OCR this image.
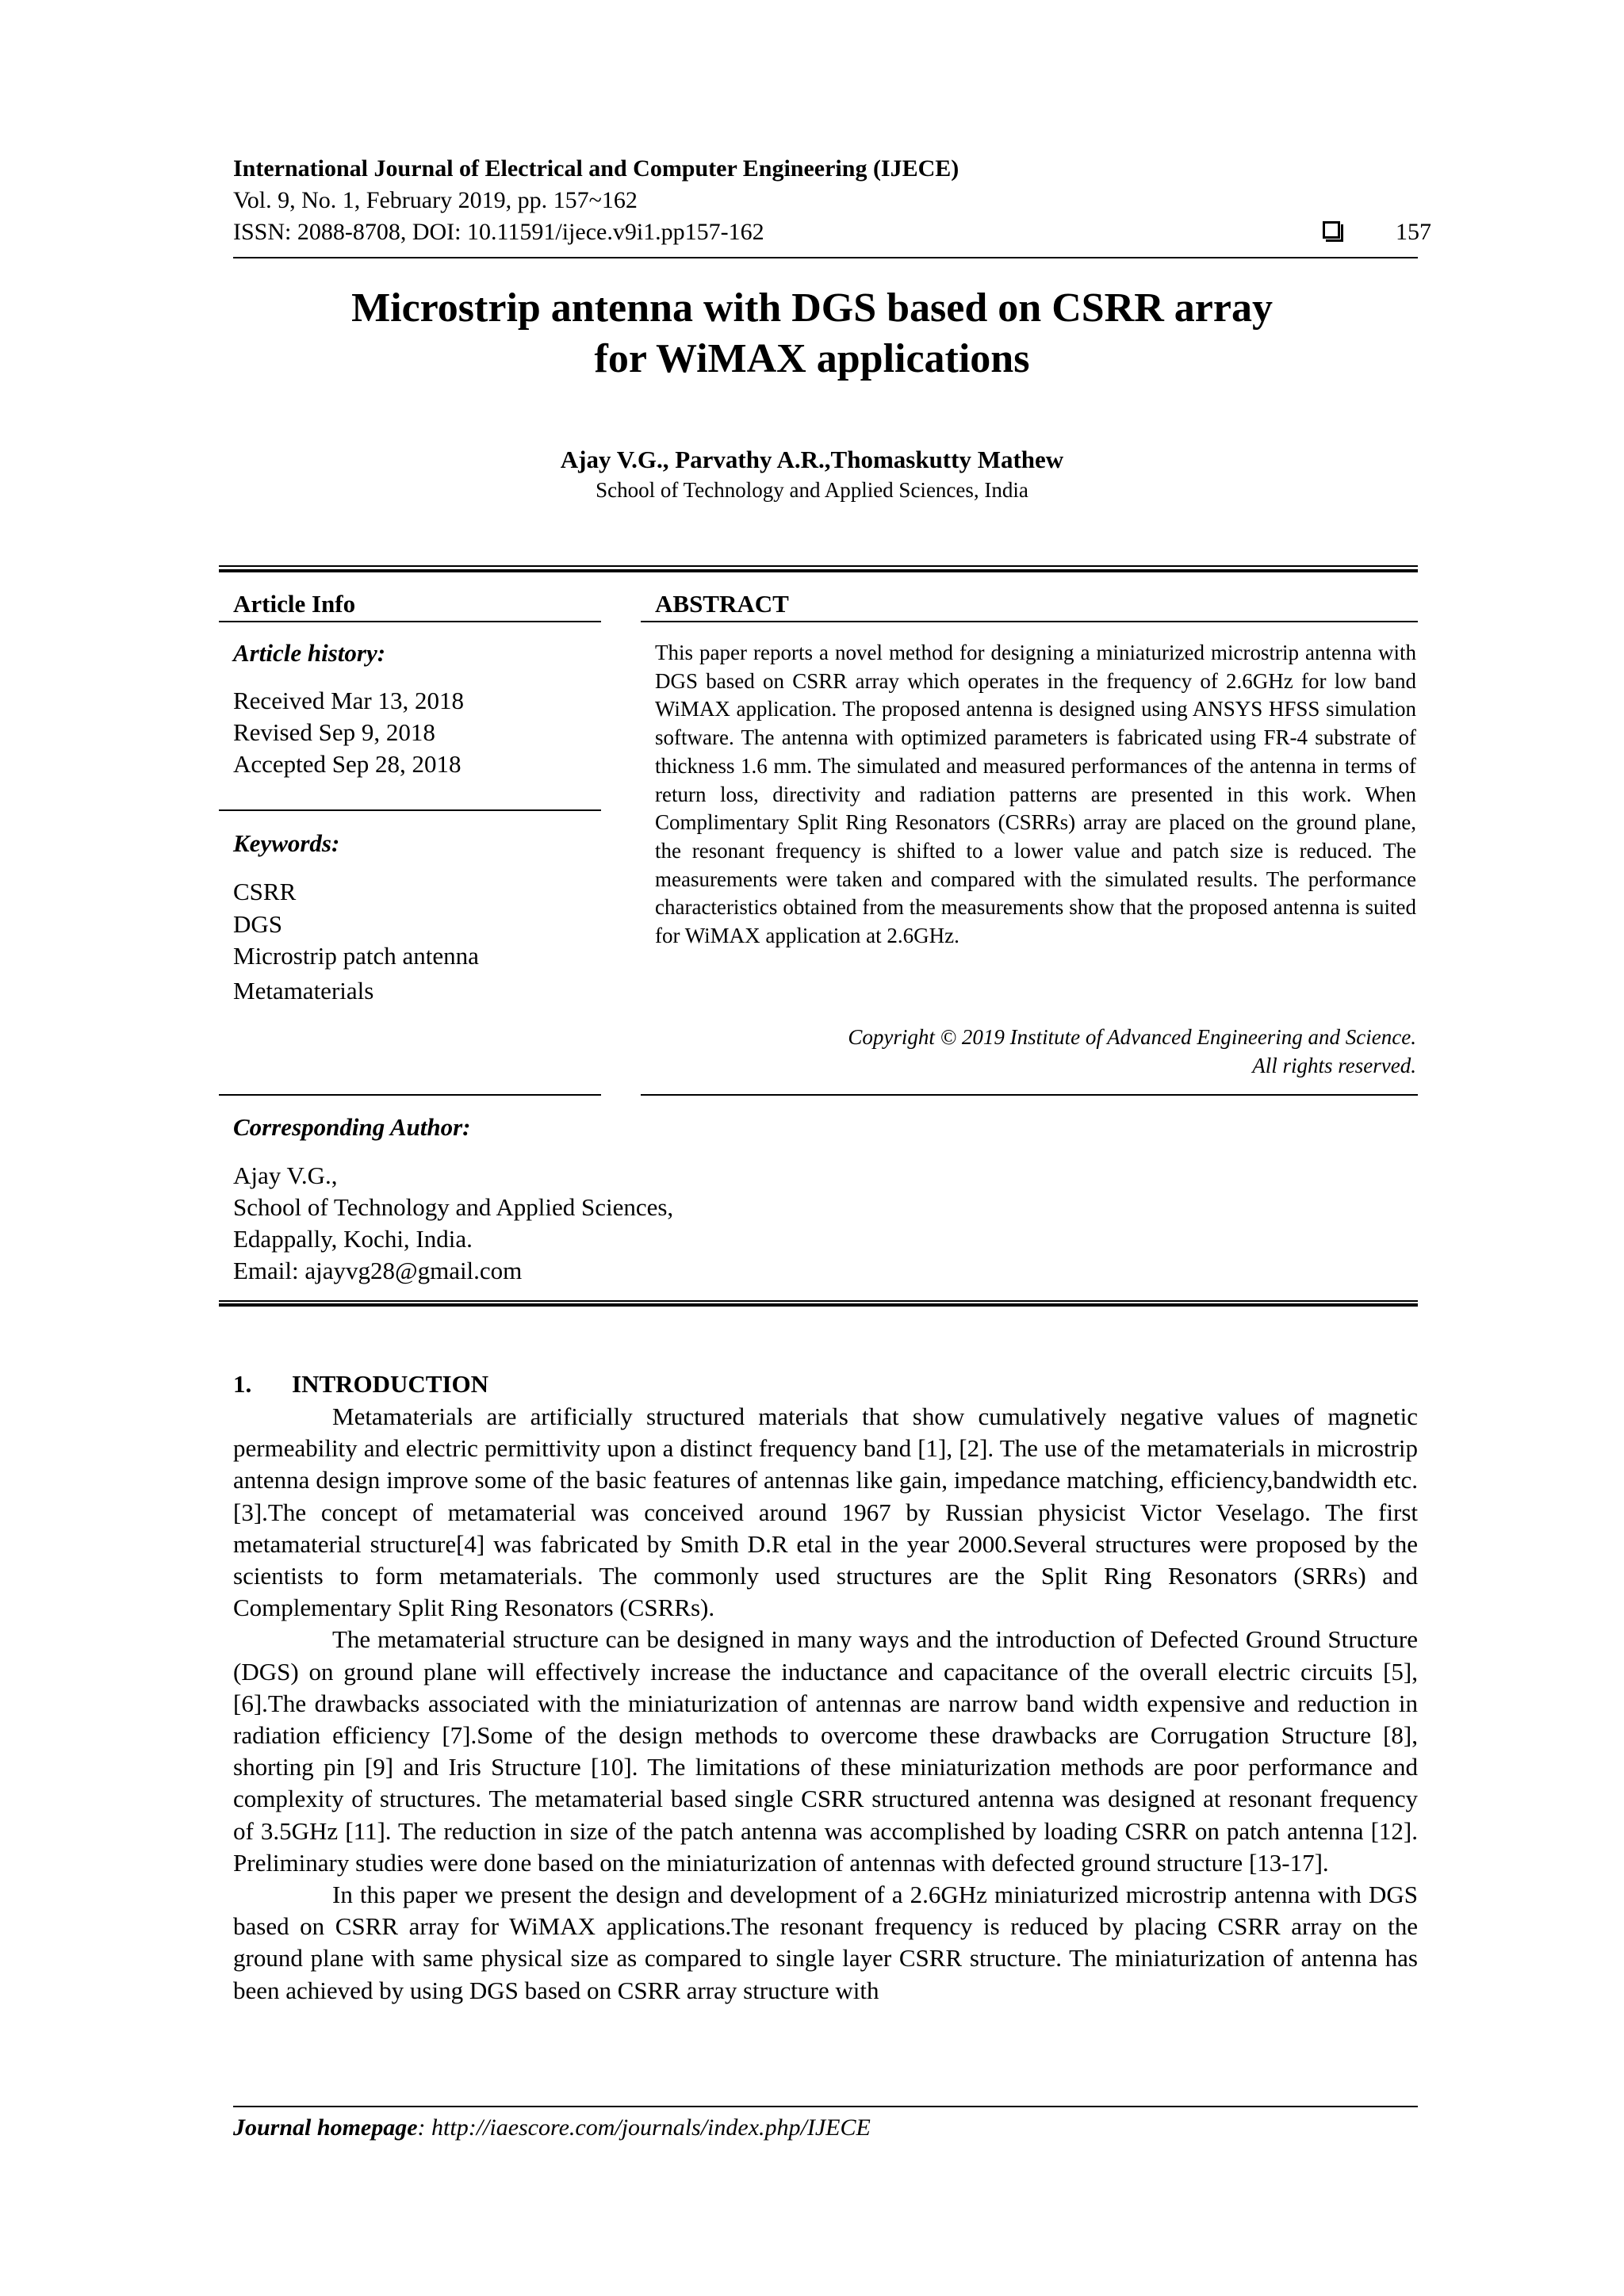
International Journal of Electrical and Computer Engineering (IJECE)
Vol. 9, No. 1, February 2019, pp. 157~162
ISSN: 2088-8708, DOI: 10.11591/ijece.v9i1.pp157-162	157
Microstrip antenna with DGS based on CSRR array
for WiMAX applications
Ajay V.G., Parvathy A.R.,Thomaskutty Mathew
School of Technology and Applied Sciences, India
Article Info
Article history:
Received Mar 13, 2018
Revised Sep 9, 2018
Accepted Sep 28, 2018
Keywords:
CSRR
DGS
Microstrip patch antenna
Metamaterials
ABSTRACT
This paper reports a novel method for designing a miniaturized microstrip antenna with DGS based on CSRR array which operates in the frequency of 2.6GHz for low band WiMAX application. The proposed antenna is designed using ANSYS HFSS simulation software. The antenna with optimized parameters is fabricated using FR-4 substrate of thickness 1.6 mm. The simulated and measured performances of the antenna in terms of return loss, directivity and radiation patterns are presented in this work. When Complimentary Split Ring Resonators (CSRRs) array are placed on the ground plane, the resonant frequency is shifted to a lower value and patch size is reduced. The measurements were taken and compared with the simulated results. The performance characteristics obtained from the measurements show that the proposed antenna is suited for WiMAX application at 2.6GHz.
Copyright © 2019 Institute of Advanced Engineering and Science.
All rights reserved.
Corresponding Author:
Ajay V.G.,
School of Technology and Applied Sciences,
Edappally, Kochi, India.
Email: ajayvg28@gmail.com
1. INTRODUCTION

Metamaterials are artificially structured materials that show cumulatively negative values of magnetic permeability and electric permittivity upon a distinct frequency band [1], [2]. The use of the metamaterials in microstrip antenna design improve some of the basic features of antennas like gain, impedance matching, efficiency,bandwidth etc. [3].The concept of metamaterial was conceived around 1967 by Russian physicist Victor Veselago. The first metamaterial structure[4] was fabricated by Smith D.R etal in the year 2000.Several structures were proposed by the scientists to form metamaterials. The commonly used structures are the Split Ring Resonators (SRRs) and Complementary Split Ring Resonators (CSRRs).

The metamaterial structure can be designed in many ways and the introduction of Defected Ground Structure (DGS) on ground plane will effectively increase the inductance and capacitance of the overall electric circuits [5], [6].The drawbacks associated with the miniaturization of antennas are narrow band width expensive and reduction in radiation efficiency [7].Some of the design methods to overcome these drawbacks are Corrugation Structure [8], shorting pin [9] and Iris Structure [10]. The limitations of these miniaturization methods are poor performance and complexity of structures. The metamaterial based single CSRR structured antenna was designed at resonant frequency of 3.5GHz [11]. The reduction in size of the patch antenna was accomplished by loading CSRR on patch antenna [12]. Preliminary studies were done based on the miniaturization of antennas with defected ground structure [13-17].

In this paper we present the design and development of a 2.6GHz miniaturized microstrip antenna with DGS based on CSRR array for WiMAX applications.The resonant frequency is reduced by placing CSRR array on the ground plane with same physical size as compared to single layer CSRR structure. The miniaturization of antenna has been achieved by using DGS based on CSRR array structure with

Journal homepage: http://iaescore.com/journals/index.php/IJECE
